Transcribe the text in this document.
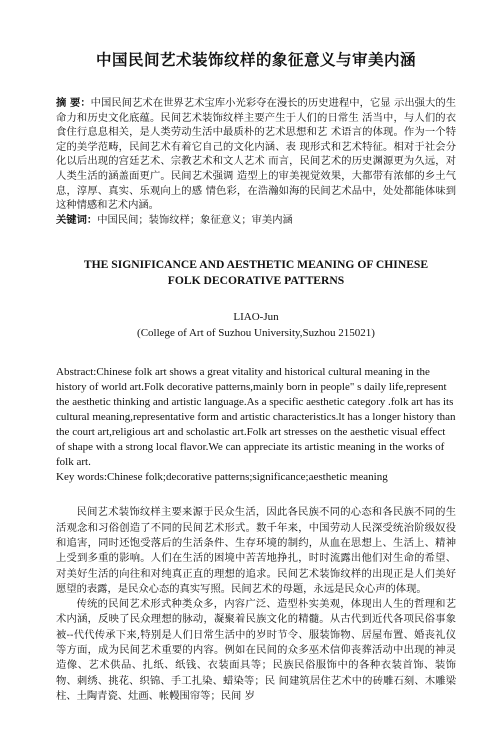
中国民间艺术装饰纹样的象征意义与审美内涵
摘 要：中国民间艺术在世界艺术宝库小光彩夺在漫长的历史进程中，它显 示出强大的生命力和历史文化底蕴。民间艺术装饰纹样主要产生于人们的日常生 活当中，与人们的衣食住行息息相关，是人类劳动生活中最质朴的艺术思想和艺 术语言的体现。作为一个特定的美学范畴，民间艺术有着它自己的文化内涵、表 现形式和艺术特征。相对于社会分化以后出现的宫廷艺术、宗教艺术和文人艺术 而言，民间艺术的历史渊源更为久远，对人类生活的涵盖面更广。民间艺术强调 造型上的审美视觉效果，大都带有浓郁的乡土气息，淳厚、真实、乐观向上的感 情色彩，在浩瀚如海的民间艺术品中，处处都能体味到这种情感和艺术内涵。
关键词：中国民间；装饰纹样；象征意义；审美内涵
THE SIGNIFICANCE AND AESTHETIC MEANING OF CHINESE
FOLK DECORATIVE PATTERNS
LIAO-Jun
(College of Art of Suzhou University,Suzhou 215021)
Abstract:Chinese folk art shows a great vitality and historical cultural meaning in the history of world art.Folk decorative patterns,mainly born in people" s daily life,represent the aesthetic thinking and artistic language.As a specific aesthetic category .folk art has its cultural meaning,representative form and artistic characteristics.lt has a longer history than the court art,religious art and scholastic art.Folk art stresses on the aesthetic visual effect of shape with a strong local flavor.We can appreciate its artistic meaning in the works of folk art.
Key words:Chinese folk;decorative patterns;significance;aesthetic meaning

民间艺术装饰纹样主要来源于民众生活，因此各民族不同的心态和各民族不同的生活观念和习俗创造了不同的民间艺术形式。数千年来，中国劳动人民深受统治阶级奴役和追害，同时还饱受落后的生活条件、生存环境的制约，从血在思想上、生活上、精神上受到多重的影响。人们在生活的困境中苦苦地挣扎，时时流露出他们对生命的希望、对美好生活的向往和对纯真正直的理想的追求。民间艺术装饰纹样的出现正是人们美好愿望的表露，是民众心态的真实写照。民间艺术的母题，永远是民众心声的体现。

传统的民间艺术形式种类众多，内容广泛、造型朴实美观，体现出人生的哲理和艺术内涵，反映了民众理想的脉动，凝聚着民族文化的精髓。从古代到近代各项民俗事象被--代代传承下来,特别是人们日常生活中的岁时节令、服装饰物、居屋布置、婚丧礼仪等方面，成为民间艺术重要的内容。例如在民间的众多巫术信仰丧葬活动中出现的神灵造像、艺术供品、扎纸、纸钱、衣装面具等；民族民俗服饰中的各种衣装首饰、装饰物、刺绣、挑花、织锦、手工扎染、蜡染等；民 间建筑居住艺术中的砖雕石刻、木雕梁柱、土陶青瓷、灶画、帐幔围帘等；民间 岁
